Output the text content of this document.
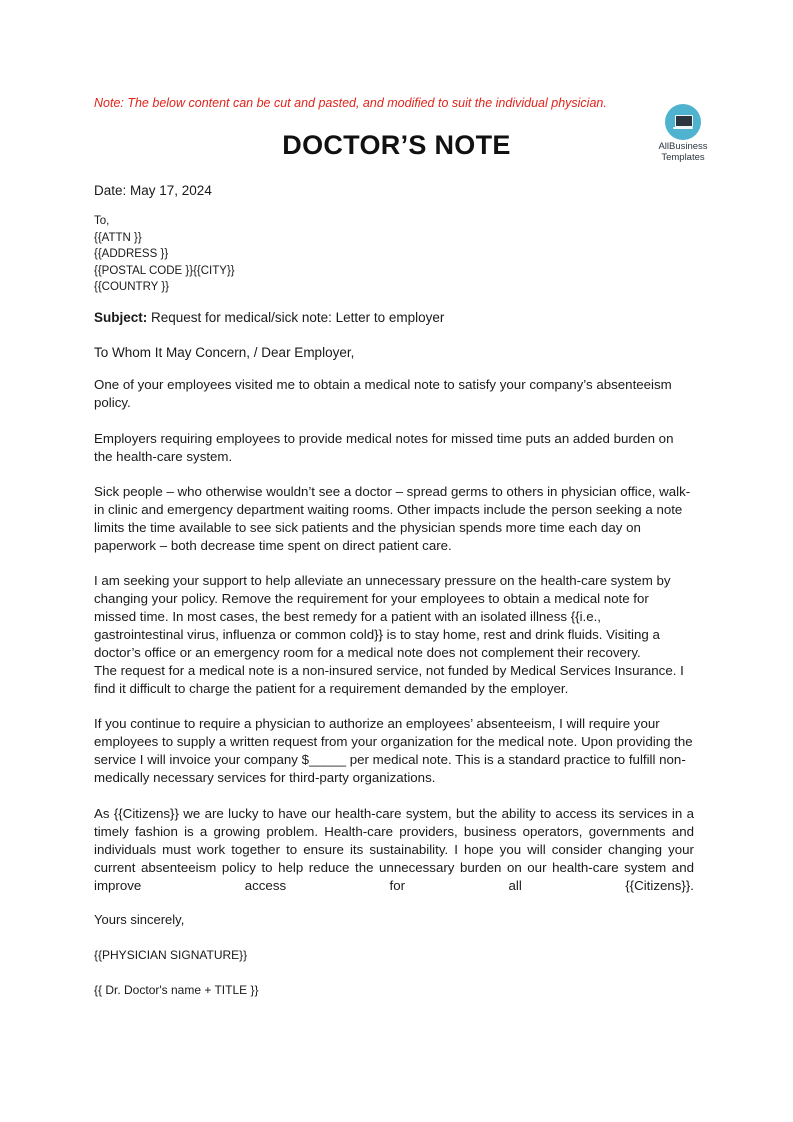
Note: The below content can be cut and pasted, and modified to suit the individual physician.
AllBusiness
Templates
DOCTOR’S NOTE
Date: May 17, 2024
To,
{{ATTN }}
{{ADDRESS }}
{{POSTAL CODE }}{{CITY}}
{{COUNTRY }}
Subject: Request for medical/sick note: Letter to employer
To Whom It May Concern, / Dear Employer,
One of your employees visited me to obtain a medical note to satisfy your company’s absenteeism policy.
Employers requiring employees to provide medical notes for missed time puts an added burden on the health-care system.
Sick people – who otherwise wouldn’t see a doctor – spread germs to others in physician office, walk-in clinic and emergency department waiting rooms. Other impacts include the person seeking a note limits the time available to see sick patients and the physician spends more time each day on paperwork – both decrease time spent on direct patient care.
I am seeking your support to help alleviate an unnecessary pressure on the health-care system by changing your policy. Remove the requirement for your employees to obtain a medical note for missed time. In most cases, the best remedy for a patient with an isolated illness {{i.e., gastrointestinal virus, influenza or common cold}} is to stay home, rest and drink fluids. Visiting a doctor’s office or an emergency room for a medical note does not complement their recovery.
The request for a medical note is a non-insured service, not funded by Medical Services Insurance. I find it difficult to charge the patient for a requirement demanded by the employer.
If you continue to require a physician to authorize an employees’ absenteeism, I will require your employees to supply a written request from your organization for the medical note. Upon providing the service I will invoice your company $_____ per medical note. This is a standard practice to fulfill non-medically necessary services for third-party organizations.
As {{Citizens}} we are lucky to have our health-care system, but the ability to access its services in a timely fashion is a growing problem. Health-care providers, business operators, governments and individuals must work together to ensure its sustainability. I hope you will consider changing your current absenteeism policy to help reduce the unnecessary burden on our health-care system and improve access for all {{Citizens}}.
Yours sincerely,
{{PHYSICIAN SIGNATURE}}
{{ Dr. Doctor's name + TITLE }}
